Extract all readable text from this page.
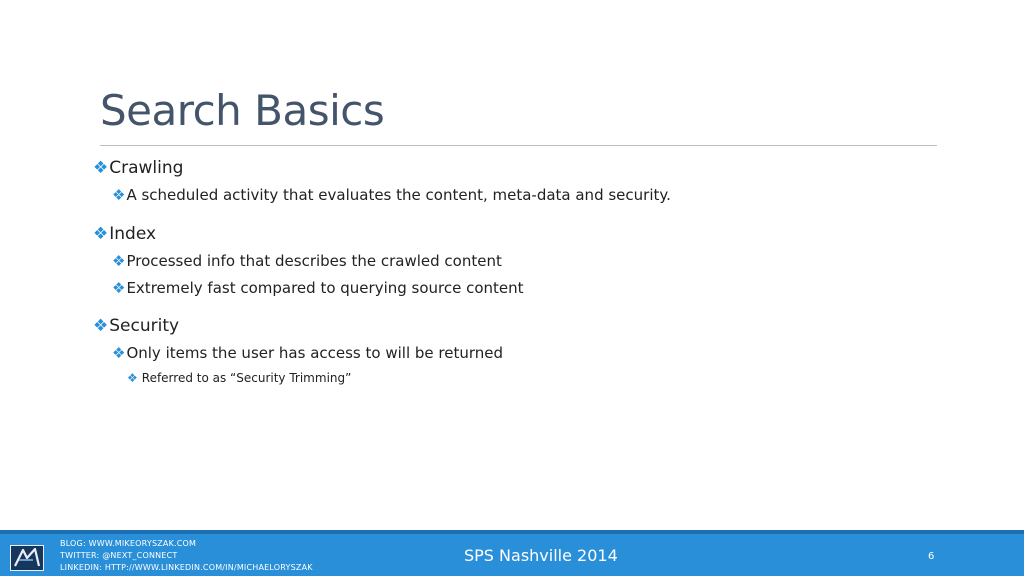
Search Basics
❖Crawling
❖A scheduled activity that evaluates the content, meta-data and security.
❖Index
❖Processed info that describes the crawled content
❖Extremely fast compared to querying source content
❖Security
❖Only items the user has access to will be returned
❖ Referred to as “Security Trimming”
BLOG: WWW.MIKEORYSZAK.COM
TWITTER: @NEXT_CONNECT
LINKEDIN: HTTP://WWW.LINKEDIN.COM/IN/MICHAELORYSZAK
SPS Nashville 2014	6
